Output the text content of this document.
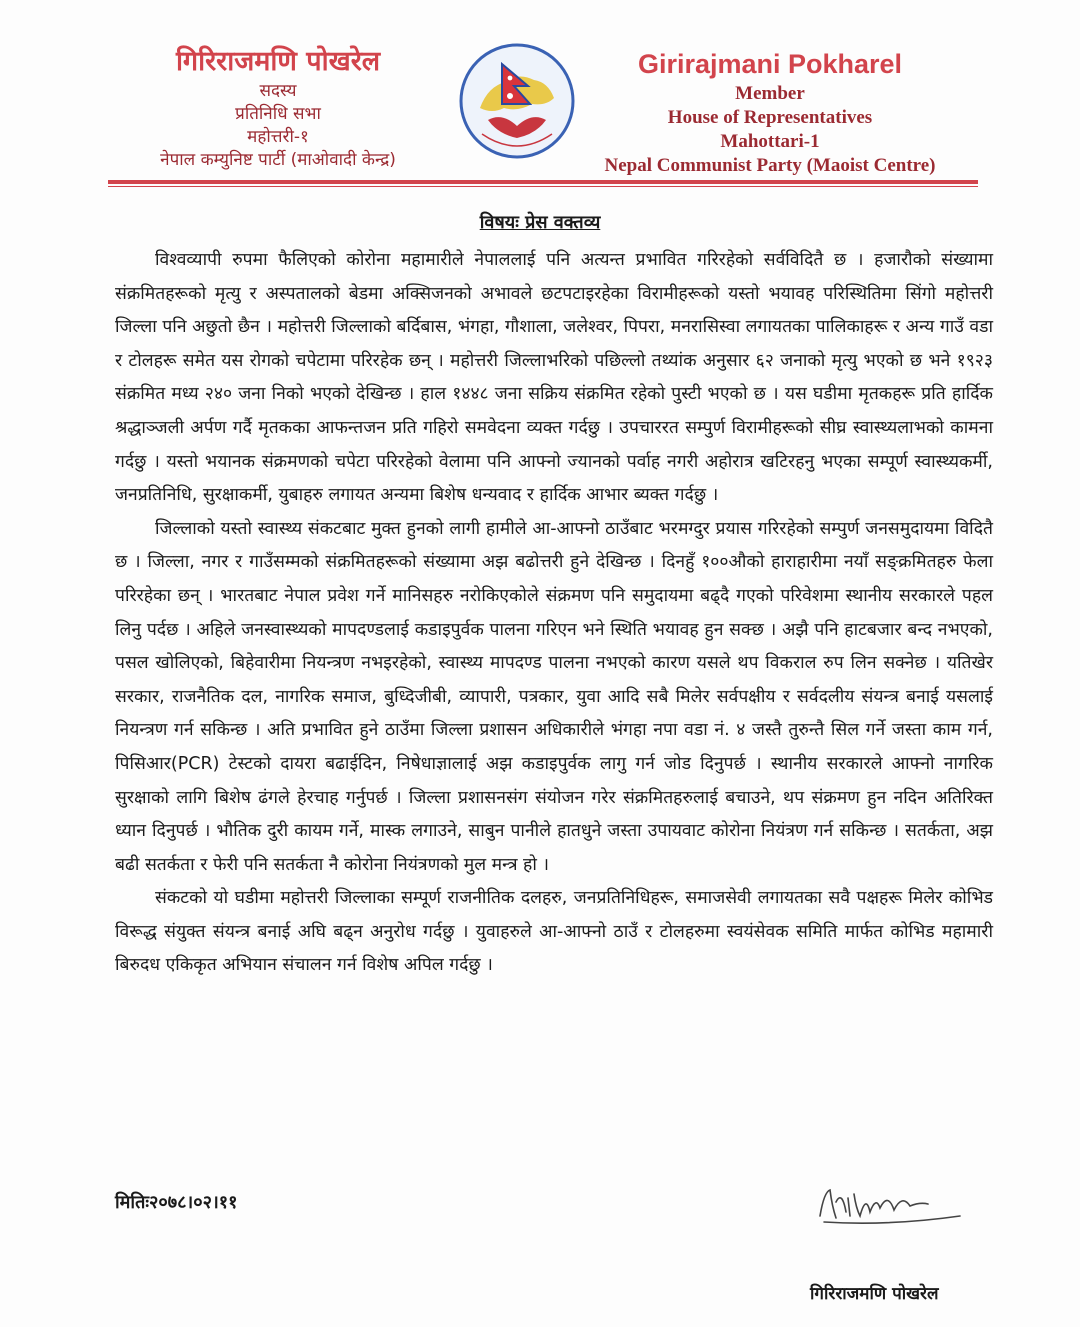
गिरिराजमणि पोखरेल
सदस्य
प्रतिनिधि सभा
महोत्तरी-१
नेपाल कम्युनिष्ट पार्टी (माओवादी केन्द्र)
Girirajmani Pokharel
Member
House of Representatives
Mahottari-1
Nepal Communist Party (Maoist Centre)
विषयः प्रेस वक्तव्य

विश्वव्यापी रुपमा फैलिएको कोरोना महामारीले नेपाललाई पनि अत्यन्त प्रभावित गरिरहेको सर्वविदितै छ । हजारौको संख्यामा संक्रमितहरूको मृत्यु र अस्पतालको बेडमा अक्सिजनको अभावले छटपटाइरहेका विरामीहरूको यस्तो भयावह परिस्थितिमा सिंगो महोत्तरी जिल्ला पनि अछुतो छैन । महोत्तरी जिल्लाको बर्दिबास, भंगहा, गौशाला, जलेश्वर, पिपरा, मनरासिस्वा लगायतका पालिकाहरू र अन्य गाउँ वडा र टोलहरू समेत यस रोगको चपेटामा परिरहेक छन् । महोत्तरी जिल्लाभरिको पछिल्लो तथ्यांक अनुसार ६२ जनाको मृत्यु भएको छ भने १९२३ संक्रमित मध्य २४० जना निको भएको देखिन्छ । हाल १४४८ जना सक्रिय संक्रमित रहेको पुस्टी भएको छ । यस घडीमा मृतकहरू प्रति हार्दिक श्रद्धाञ्जली अर्पण गर्दै मृतकका आफन्तजन प्रति गहिरो समवेदना व्यक्त गर्दछु । उपचाररत सम्पुर्ण विरामीहरूको सीघ्र स्वास्थ्यलाभको कामना गर्दछु । यस्तो भयानक संक्रमणको चपेटा परिरहेको वेलामा पनि आफ्नो ज्यानको पर्वाह नगरी अहोरात्र खटिरहनु भएका सम्पूर्ण स्वास्थ्यकर्मी, जनप्रतिनिधि, सुरक्षाकर्मी, युबाहरु लगायत अन्यमा बिशेष धन्यवाद र हार्दिक आभार ब्यक्त गर्दछु ।

जिल्लाको यस्तो स्वास्थ्य संकटबाट मुक्त हुनको लागी हामीले आ-आफ्नो ठाउँबाट भरमग्दुर प्रयास गरिरहेको सम्पुर्ण जनसमुदायमा विदितै छ । जिल्ला, नगर र गाउँसम्मको संक्रमितहरूको संख्यामा अझ बढोत्तरी हुने देखिन्छ । दिनहुँ १००औको हाराहारीमा नयाँ सङ्क्रमितहरु फेला परिरहेका छन् । भारतबाट नेपाल प्रवेश गर्ने मानिसहरु नरोकिएकोले संक्रमण पनि समुदायमा बढ्दै गएको परिवेशमा स्थानीय सरकारले पहल लिनु पर्दछ । अहिले जनस्वास्थ्यको मापदण्डलाई कडाइपुर्वक पालना गरिएन भने स्थिति भयावह हुन सक्छ । अझै पनि हाटबजार बन्द नभएको, पसल खोलिएको, बिहेवारीमा नियन्त्रण नभइरहेको, स्वास्थ्य मापदण्ड पालना नभएको कारण यसले थप विकराल रुप लिन सक्नेछ । यतिखेर सरकार, राजनैतिक दल, नागरिक समाज, बुध्दिजीबी, व्यापारी, पत्रकार, युवा आदि सबै मिलेर सर्वपक्षीय र सर्वदलीय संयन्त्र बनाई यसलाई नियन्त्रण गर्न सकिन्छ । अति प्रभावित हुने ठाउँमा जिल्ला प्रशासन अधिकारीले भंगहा नपा वडा नं. ४ जस्तै तुरुन्तै सिल गर्ने जस्ता काम गर्न, पिसिआर(PCR) टेस्टको दायरा बढाईदिन, निषेधाज्ञालाई अझ कडाइपुर्वक लागु गर्न जोड दिनुपर्छ । स्थानीय सरकारले आफ्नो नागरिक सुरक्षाको लागि बिशेष ढंगले हेरचाह गर्नुपर्छ । जिल्ला प्रशासनसंग संयोजन गरेर संक्रमितहरुलाई बचाउने, थप संक्रमण हुन नदिन अतिरिक्त ध्यान दिनुपर्छ । भौतिक दुरी कायम गर्ने, मास्क लगाउने, साबुन पानीले हातधुने जस्ता उपायवाट कोरोना नियंत्रण गर्न सकिन्छ । सतर्कता, अझ बढी सतर्कता र फेरी पनि सतर्कता नै कोरोना नियंत्रणको मुल मन्त्र हो ।

संकटको यो घडीमा महोत्तरी जिल्लाका सम्पूर्ण राजनीतिक दलहरु, जनप्रतिनिधिहरू, समाजसेवी लगायतका सवै पक्षहरू मिलेर कोभिड विरूद्ध संयुक्त संयन्त्र बनाई अघि बढ्न अनुरोध गर्दछु । युवाहरुले आ-आफ्नो ठाउँ र टोलहरुमा स्वयंसेवक समिति मार्फत कोभिड महामारी बिरुदध एकिकृत अभियान संचालन गर्न विशेष अपिल गर्दछु ।

मितिः२०७८।०२।११
गिरिराजमणि पोखरेल
